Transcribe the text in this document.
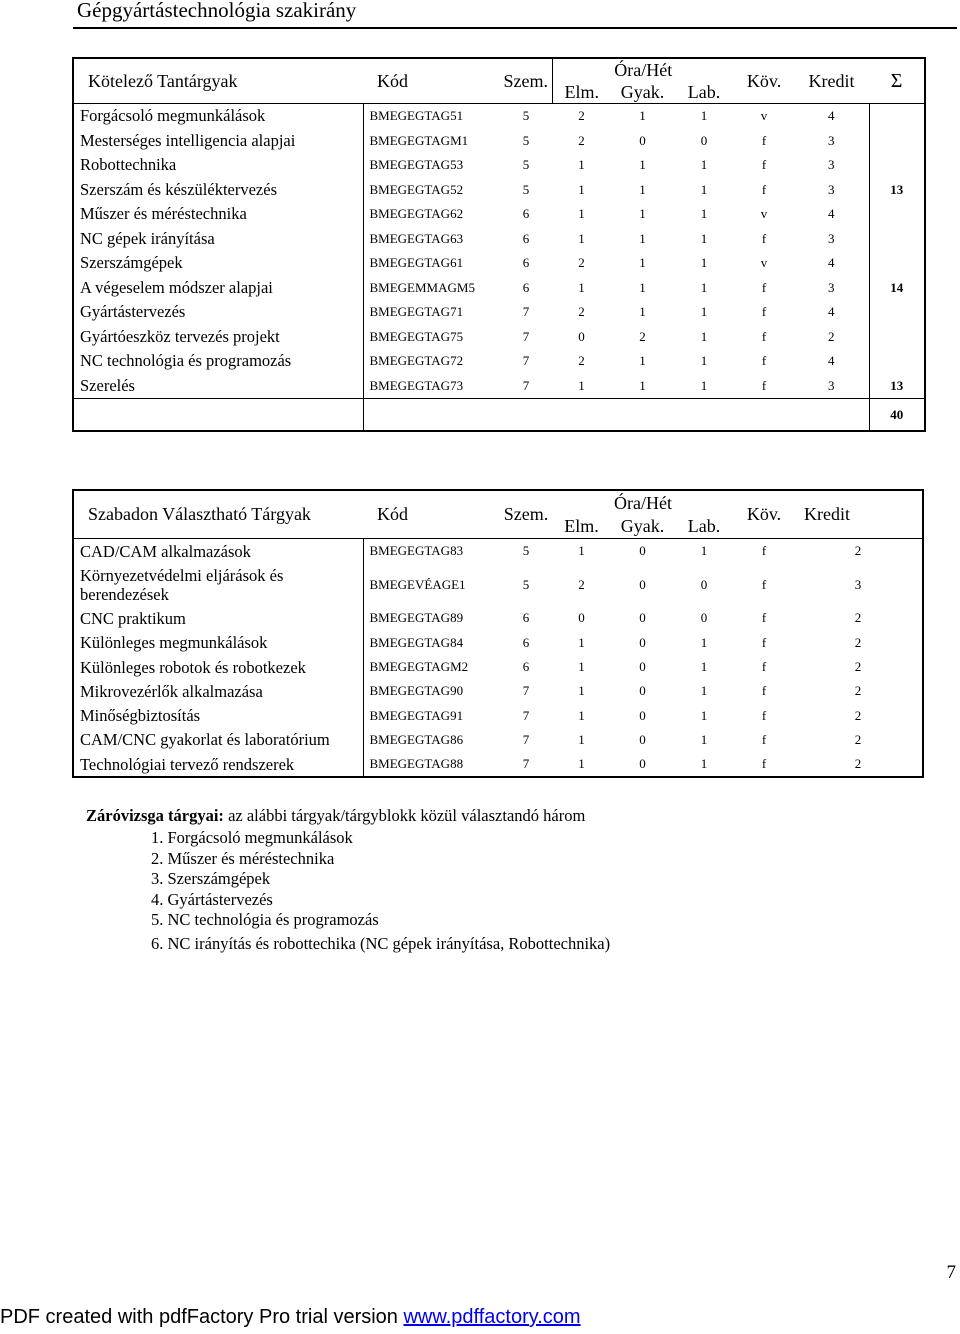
Gépgyártástechnológia szakirány
Kötelező Tantárgyak	Kód	Szem.	Óra/Hét			Köv.	Kredit	Σ
			Elm.	Gyak.	Lab.			
Forgácsoló megmunkálások	BMEGEGTAG51	5	2	1	1	v	4	
Mesterséges intelligencia alapjai	BMEGEGTAGM1	5	2	0	0	f	3	
Robottechnika	BMEGEGTAG53	5	1	1	1	f	3	
Szerszám és készüléktervezés	BMEGEGTAG52	5	1	1	1	f	3	13
Műszer és méréstechnika	BMEGEGTAG62	6	1	1	1	v	4	
NC gépek irányítása	BMEGEGTAG63	6	1	1	1	f	3	
Szerszámgépek	BMEGEGTAG61	6	2	1	1	v	4	
A végeselem módszer alapjai	BMEGEMMAGM5	6	1	1	1	f	3	14
Gyártástervezés	BMEGEGTAG71	7	2	1	1	f	4	
Gyártóeszköz tervezés projekt	BMEGEGTAG75	7	0	2	1	f	2	
NC technológia és programozás	BMEGEGTAG72	7	2	1	1	f	4	
Szerelés	BMEGEGTAG73	7	1	1	1	f	3	13
								40
Szabadon Választható Tárgyak	Kód	Szem.	Óra/Hét			Köv.	Kredit
			Elm.	Gyak.	Lab.		
CAD/CAM alkalmazások	BMEGEGTAG83	5	1	0	1	f	2
Környezetvédelmi eljárások és berendezések	BMEGEVÉAGE1	5	2	0	0	f	3
CNC praktikum	BMEGEGTAG89	6	0	0	0	f	2
Különleges megmunkálások	BMEGEGTAG84	6	1	0	1	f	2
Különleges robotok és robotkezek	BMEGEGTAGM2	6	1	0	1	f	2
Mikrovezérlők alkalmazása	BMEGEGTAG90	7	1	0	1	f	2
Minőségbiztosítás	BMEGEGTAG91	7	1	0	1	f	2
CAM/CNC gyakorlat és laboratórium	BMEGEGTAG86	7	1	0	1	f	2
Technológiai tervező rendszerek	BMEGEGTAG88	7	1	0	1	f	2
Záróvizsga tárgyai: az alábbi tárgyak/tárgyblokk közül választandó három
1. Forgácsoló megmunkálások
2. Műszer és méréstechnika
3. Szerszámgépek
4. Gyártástervezés
5. NC technológia és programozás
6. NC irányítás és robottechika (NC gépek irányítása, Robottechnika)
7
PDF created with pdfFactory Pro trial version www.pdffactory.com
